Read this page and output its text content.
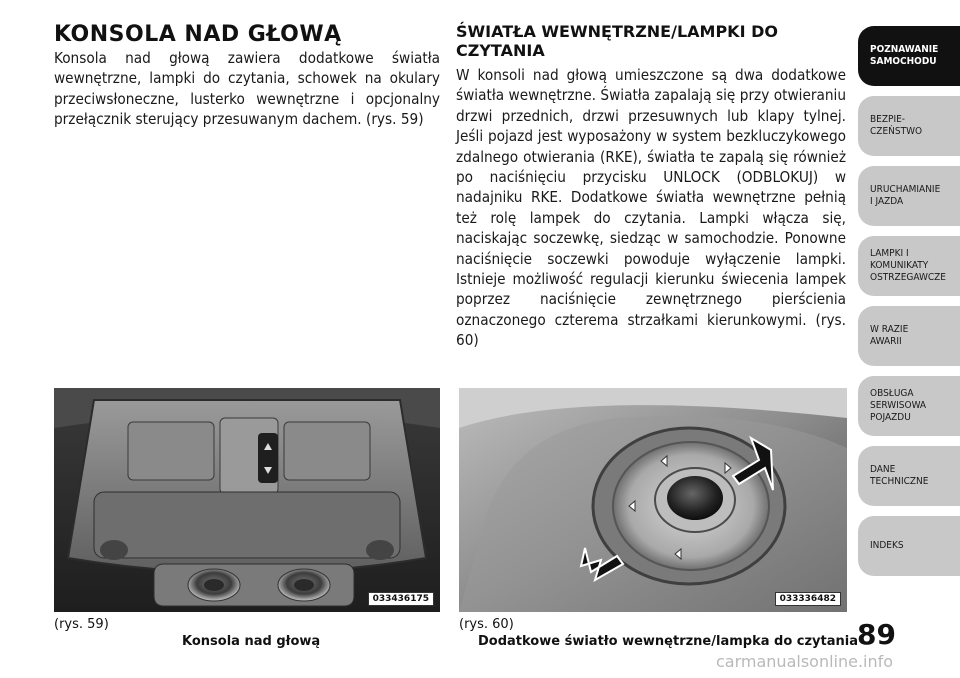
KONSOLA NAD GŁOWĄ

Konsola nad głową zawiera dodatkowe światła wewnętrzne, lampki do czytania, schowek na okulary przeciwsłoneczne, lusterko wewnętrzne i opcjonalny przełącznik sterujący przesuwanym dachem. (rys. 59)

ŚWIATŁA WEWNĘTRZNE/LAMPKI DO CZYTANIA

W konsoli nad głową umieszczone są dwa dodatkowe światła wewnętrzne. Światła zapalają się przy otwieraniu drzwi przednich, drzwi przesuwnych lub klapy tylnej. Jeśli pojazd jest wyposażony w system bezkluczykowego zdalnego otwierania (RKE), światła te zapalą się również po naciśnięciu przycisku UNLOCK (ODBLOKUJ) w nadajniku RKE. Dodatkowe światła wewnętrzne pełnią też rolę lampek do czytania. Lampki włącza się, naciskając soczewkę, siedząc w samochodzie. Ponowne naciśnięcie soczewki powoduje wyłączenie lampki. Istnieje możliwość regulacji kierunku świecenia lampek poprzez naciśnięcie zewnętrznego pierścienia oznaczonego czterema strzałkami kierunkowymi. (rys. 60)

033436175
(rys. 59)
Konsola nad głową
033336482
(rys. 60)
Dodatkowe światło wewnętrzne/lampka do czytania
POZNAWANIE
SAMOCHODU
BEZPIE-
CZEŃSTWO
URUCHAMIANIE
I JAZDA
LAMPKI I
KOMUNIKATY
OSTRZEGAWCZE
W RAZIE
AWARII
OBSŁUGA
SERWISOWA
POJAZDU
DANE
TECHNICZNE
INDEKS
89
carmanualsonline.info
